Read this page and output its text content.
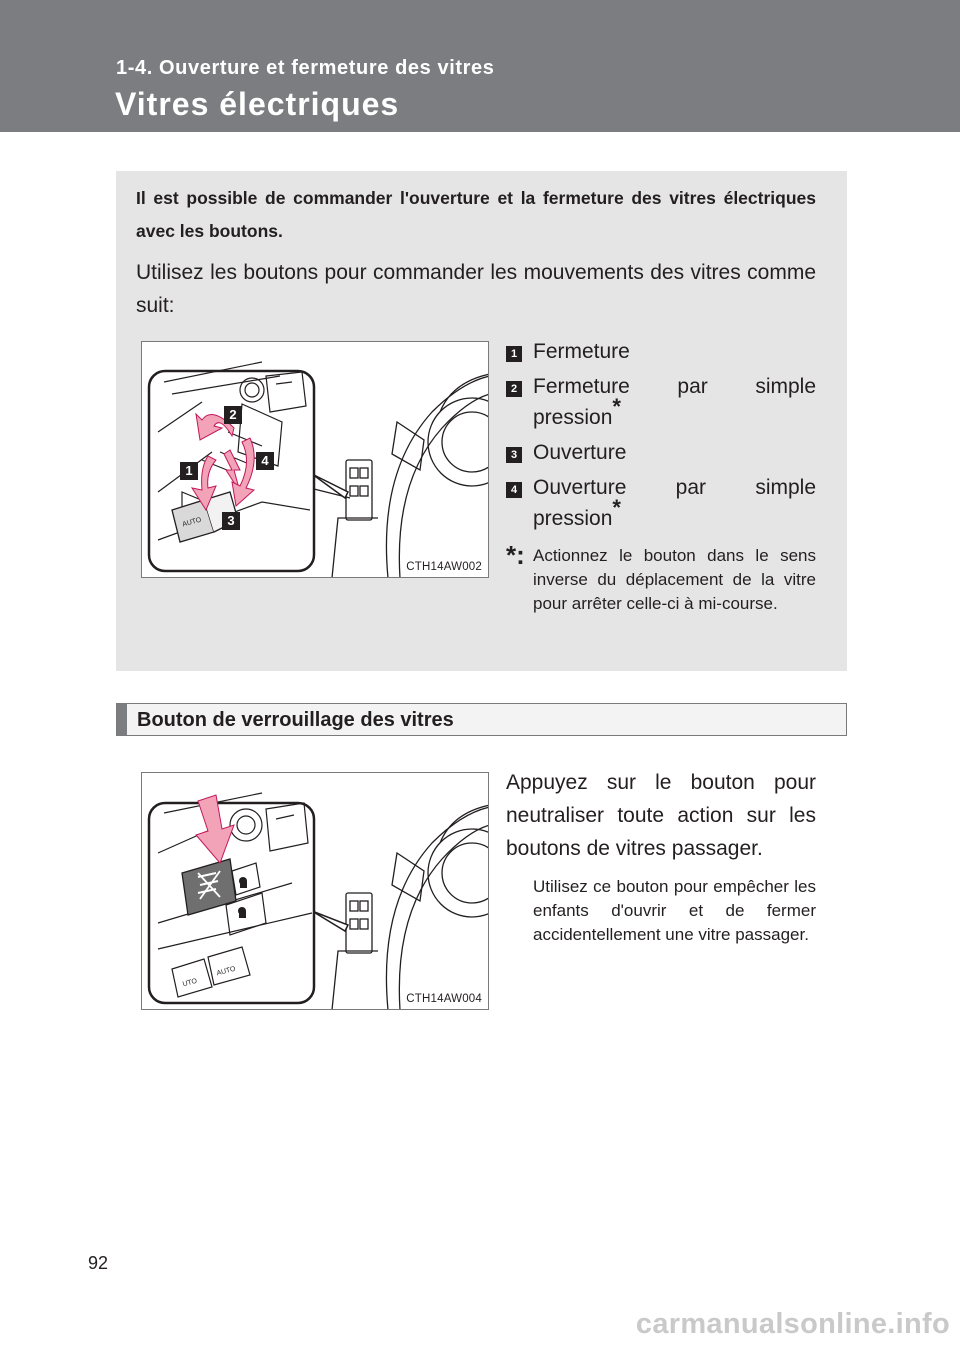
1-4. Ouverture et fermeture des vitres
Vitres électriques

Il est possible de commander l'ouverture et la fermeture des vitres électriques avec les boutons.

Utilisez les boutons pour commander les mouvements des vitres comme suit:

AUTO
2
1
4
3
CTH14AW002
1 Fermeture
2 Fermeture par simple pression*
3 Ouverture
4 Ouverture par simple pression*
*: Actionnez le bouton dans le sens inverse du déplacement de la vitre pour arrêter celle-ci à mi-course.
Bouton de verrouillage des vitres
UTO
AUTO
CTH14AW004

Appuyez sur le bouton pour neutraliser toute action sur les boutons de vitres passager.

Utilisez ce bouton pour empêcher les enfants d'ouvrir et de fermer accidentellement une vitre passager.

92
carmanualsonline.info
